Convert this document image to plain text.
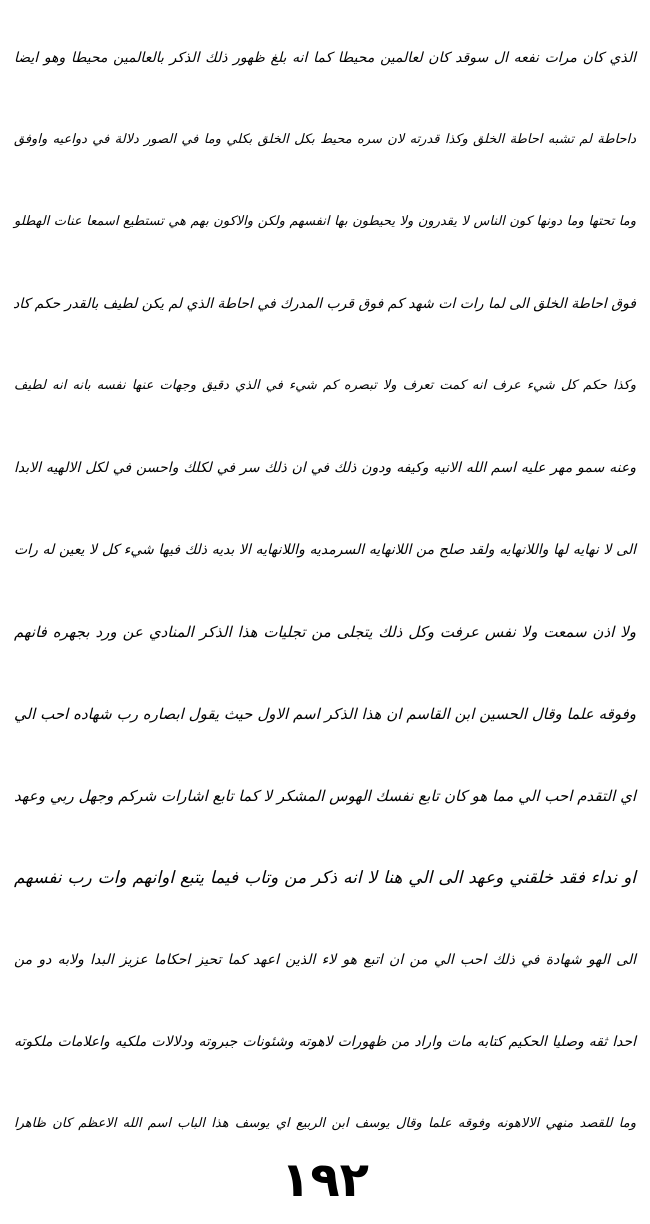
الذي كان مرات نفعه ال سوقد كان لعالمين محيطا كما انه بلغ ظهور ذلك الذكر بالعالمين محيطا وهو ايضا
داحاطة لم تشبه احاطة الخلق وكذا قدرته لان سره محيط بكل الخلق بكلي وما في الصور دلالة في دواعيه واوفق
وما تحتها وما دونها كون الناس لا يقدرون ولا يحيطون بها انفسهم ولكن والاكون بهم هي تستطيع اسمعا عنات الهطلو
فوق احاطة الخلق الى لما رات ات شهد كم فوق قرب المدرك في احاطة الذي لم يكن لطيف بالقدر حكم كاد
وكذا حكم كل شيء عرف انه كمت تعرف ولا تبصره كم شيء في الذي دقيق وجهات عنها نفسه بانه انه لطيف
وعنه سمو مهر عليه اسم الله الانيه وكيفه ودون ذلك في ان ذلك سر في لكلك واحسن في لكل الالهيه الابدا
الى لا نهايه لها واللانهايه ولقد صلح من اللانهايه السرمديه واللانهايه الا بديه ذلك فيها شيء كل لا يعين له رات
ولا اذن سمعت ولا نفس عرفت وكل ذلك يتجلى من تجليات هذا الذكر المنادي عن ورد بجهره فانهم
وفوقه علما وقال الحسين ابن القاسم ان هذا الذكر اسم الاول حيث يقول ابصاره رب شهاده احب الي
اي التقدم احب الي مما هو كان تابع نفسك الهوس المشكر لا كما تابع اشارات شركم وجهل ربي وعهد
او نداء فقد خلقني وعهد الى الي هنا لا انه ذكر من وتاب فيما يتبع اوانهم وات رب نفسهم
الى الهو شهادة في ذلك احب الي من ان اتبع هو لاء الذين اعهد كما تحيز احكاما عزيز البدا ولابه دو من
احدا ثقه وصليا الحكيم كتابه مات واراد من ظهورات لاهوته وشئونات جبروته ودلالات ملكيه واعلامات ملكوته
وما للقصد منهي الالاهونه وفوقه علما وقال يوسف ابن الربيع اي يوسف هذا الباب اسم الله الاعظم كان ظاهرا
١٩٢
